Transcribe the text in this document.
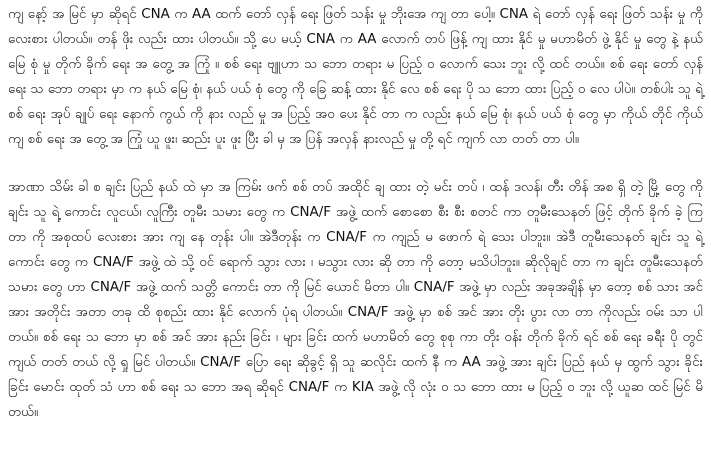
ကျ နော့် အ မြင် မှာ ဆိုရင် CNA က AA ထက် တော် လှန် ရေး ဖြတ် သန်း မှု ဘိုးအေ ကျ တာ ပေါ့။ CNA ရဲ တော် လှန် ရေး ဖြတ် သန်း မှု ကို လေးစား ပါတယ်။ တန် ဖိုး လည်း ထား ပါတယ်။ သို့ ပေ မယ့် CNA က AA လောက် တပ် ဖြန့် ကျ ထား နိုင် မှု မဟာမိတ် ဖွဲ့ နိုင် မှု တွေ နဲ့ နယ် မြေ စုံ မှု တိုက် ခိုက် ရေး အ တွေ့ အ ကြုံ ။ စစ် ရေး ဗျူဟာ သ ဘော တရား မ ပြည့် ဝ လောက် သေး ဘူး လို့ ထင် တယ်။ စစ် ရေး တော် လှန် ရေး သ ဘော တရား မှာ က နယ် မြေ စုံ၊ နယ် ပယ် စုံ တွေ ကို ခြေ ဆန့် ထား နိုင် လေ စစ် ရေး ပို သ ဘော ထား ပြည့် ဝ လေ ပါပဲ။ တစ်ပါး သူ ရဲ့ စစ် ရေး အုပ် ချုပ် ရေး နောက် ကွယ် ကို နား လည် မှု အ ပြည့် အဝ ပေး နိုင် တာ က လည်း နယ် မြေ စုံ၊ နယ် ပယ် စုံ တွေ မှာ ကိုယ် တိုင် ကိုယ် ကျ စစ် ရေး အ တွေ့ အ ကြုံ ယူ ဖူး၊ ဆည်း ပူး ဖူး ပြီး ခါ မှ အ ပြန် အလှန် နားလည် မှု တို့ ရင် ကျက် လာ တတ် တာ ပါ။

အာဏာ သိမ်း ခါ စ ချင်း ပြည် နယ် ထဲ မှာ အ ကြမ်း ဖက် စစ် တပ် အထိုင် ချ ထား တဲ့ မင်း တပ် ၊ ထန် ဒလန်၊ တီး တိန် အစ ရှိ တဲ့ မြို့ တွေ ကို ချင်း သူ ရဲ့ ကောင်း လူငယ်၊ လူကြီး တူမီး သမား တွေ က CNA/F အဖွဲ့ ထက် စောစော စီး စီး စတင် ကာ တူမီးသေနတ် ဖြင့် တိုက် ခိုက် ခဲ့ ကြ တာ ကို အစုထပ် လေးစား အား ကျ နေ တုန်း ပါ။ အဲဒီတုန်း က CNA/F က ကျည် မ ဖောက် ရဲ သေး ပါဘူး။ အဲဒီ တူမီးသေနတ် ချင်း သူ ရဲ့ ကောင်း တွေ က CNA/F အဖွဲ့ ထဲ သို့ ဝင် ရောက် သွား လား ၊ မသွား လား ဆို တာ ကို တော့ မသိပါဘူး။ ဆိုလိုချင် တာ က ချင်း တူမီးသေနတ် သမား တွေ ဟာ CNA/F အဖွဲ့ ထက် သတ္တိ ကောင်း တာ ကို မြင် ယောင် မိတာ ပါ။ CNA/F အဖွဲ့ မှာ လည်း အခုအချိန် မှာ တော့ စစ် သား အင် အား အတိုင်း အတာ တခု ထိ စုစည်း ထား နိုင် လောက် ပုံရ ပါတယ်။ CNA/F အဖွဲ့ မှာ စစ် အင် အား တိုး ပွား လာ တာ ကိုလည်း ဝမ်း သာ ပါတယ်။ စစ် ရေး သ ဘော မှာ စစ် အင် အား နည်း ခြင်း ၊ များ ခြင်း ထက် မဟာမိတ် တွေ စုစု ကာ တိုး ဝန်း တိုက် ခိုက် ရင် စစ် ရေး ခရီး ပို တွင် ကျယ် တတ် တယ် လို့ ရှု မြင် ပါတယ်။ CNA/F ပြော ရေး ဆိုခွင့် ရှိ သူ ဆလိုင်း ထက် နီ က AA အဖွဲ့ အား ချင်း ပြည် နယ် မှ ထွက် သွား ခိုင်း ခြင်း မောင်း ထုတ် သံ ဟာ စစ် ရေး သ ဘော အရ ဆိုရင် CNA/F က KIA အဖွဲ့ လို လုံး ဝ သ ဘော ထား မ ပြည့် ဝ ဘူး လို့ ယူဆ ထင် မြင် မိတယ်။
